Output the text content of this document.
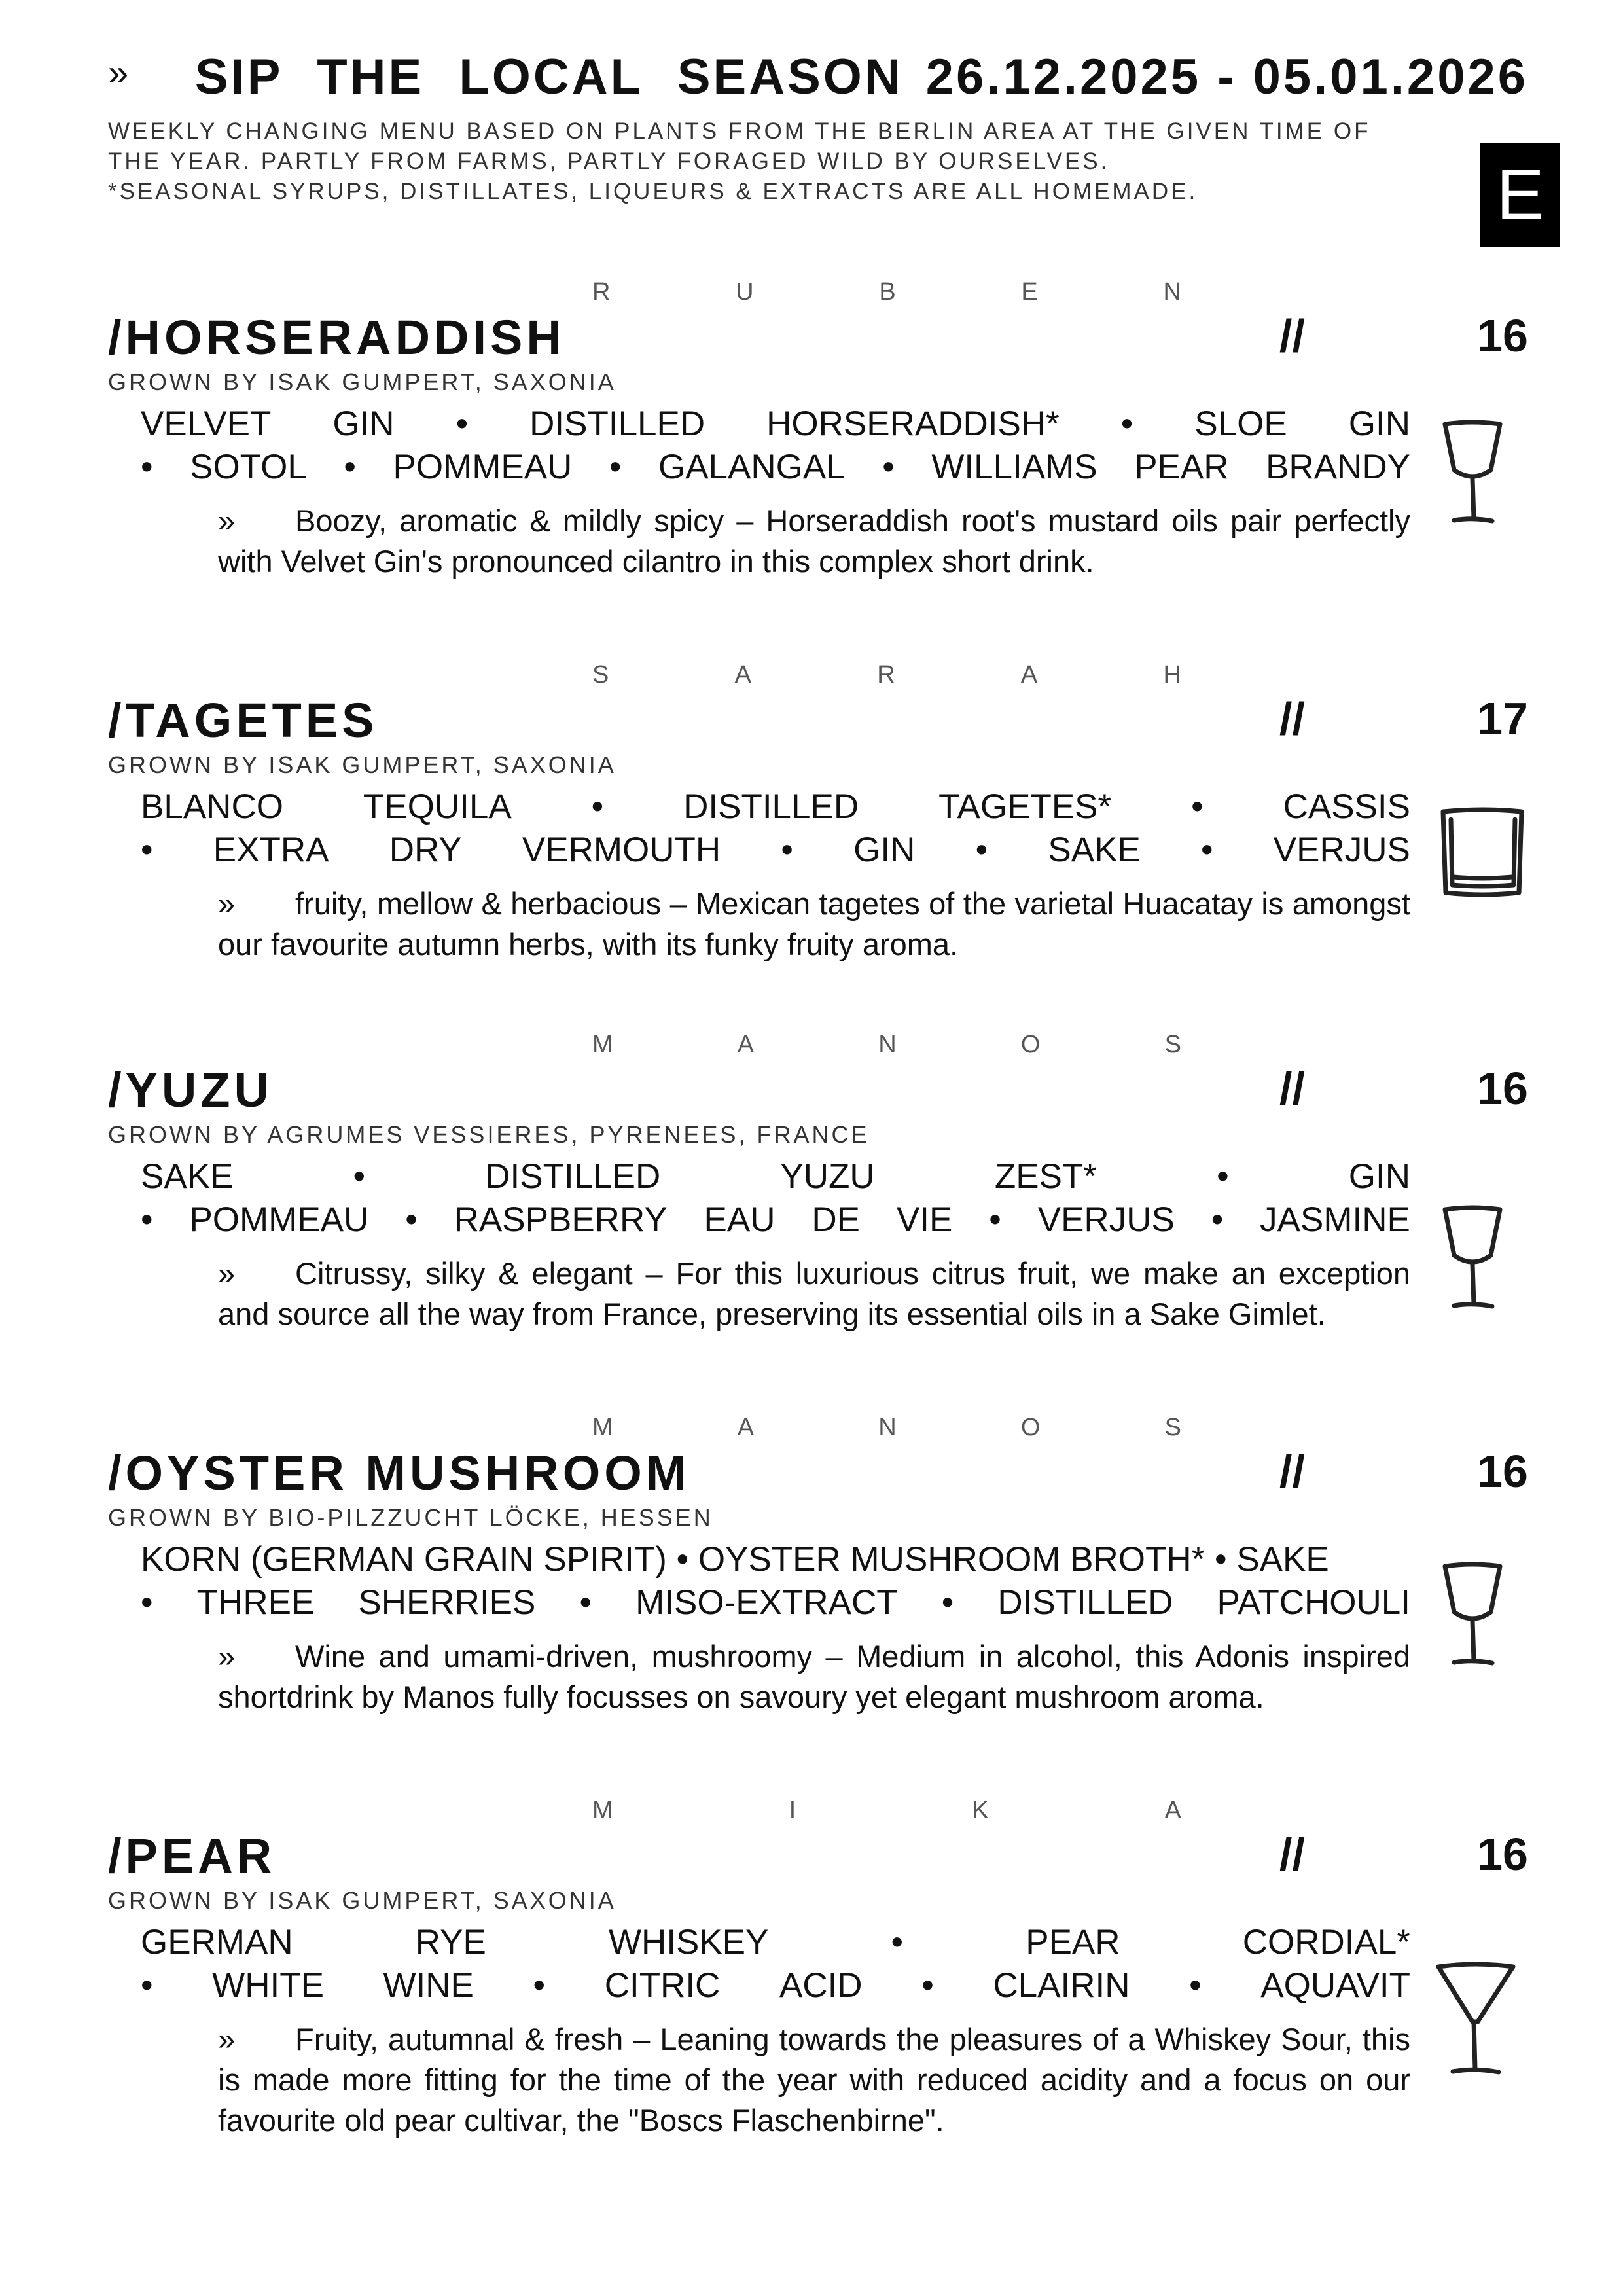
» SIP THE LOCAL SEASON 26.12.2025 - 05.01.2026
WEEKLY CHANGING MENU BASED ON PLANTS FROM THE BERLIN AREA AT THE GIVEN TIME OF
THE YEAR. PARTLY FROM FARMS, PARTLY FORAGED WILD BY OURSELVES.
*SEASONAL SYRUPS, DISTILLATES, LIQUEURS & EXTRACTS ARE ALL HOMEMADE.	E
R	U	B	E	N
/HORSERADDISH	//	16
GROWN BY ISAK GUMPERT, SAXONIA
VELVET GIN • DISTILLED HORSERADDISH* • SLOE GIN
• SOTOL • POMMEAU • GALANGAL • WILLIAMS PEAR BRANDY
» Boozy, aromatic & mildly spicy – Horseraddish root's mustard oils pair perfectly with Velvet Gin's pronounced cilantro in this complex short drink.
S	A	R	A	H
/TAGETES	//	17
GROWN BY ISAK GUMPERT, SAXONIA
BLANCO TEQUILA • DISTILLED TAGETES* • CASSIS
• EXTRA DRY VERMOUTH • GIN • SAKE • VERJUS
» fruity, mellow & herbacious – Mexican tagetes of the varietal Huacatay is amongst our favourite autumn herbs, with its funky fruity aroma.
M	A	N	O	S
/YUZU	//	16
GROWN BY AGRUMES VESSIERES, PYRENEES, FRANCE
SAKE	•	DISTILLED	YUZU	ZEST*	•	GIN
• POMMEAU • RASPBERRY EAU DE VIE • VERJUS • JASMINE
» Citrussy, silky & elegant – For this luxurious citrus fruit, we make an exception and source all the way from France, preserving its essential oils in a Sake Gimlet.
M	A	N	O	S
/OYSTER MUSHROOM	//	16
GROWN BY BIO-PILZZUCHT LÖCKE, HESSEN
KORN (GERMAN GRAIN SPIRIT) • OYSTER MUSHROOM BROTH* • SAKE
• THREE SHERRIES • MISO-EXTRACT • DISTILLED PATCHOULI
» Wine and umami-driven, mushroomy – Medium in alcohol, this Adonis inspired shortdrink by Manos fully focusses on savoury yet elegant mushroom aroma.
M	I	K	A
/PEAR	//	16
GROWN BY ISAK GUMPERT, SAXONIA
GERMAN	RYE	WHISKEY	•	PEAR	CORDIAL*
• WHITE WINE • CITRIC ACID • CLAIRIN • AQUAVIT
» Fruity, autumnal & fresh – Leaning towards the pleasures of a Whiskey Sour, this is made more fitting for the time of the year with reduced acidity and a focus on our favourite old pear cultivar, the "Boscs Flaschenbirne".
